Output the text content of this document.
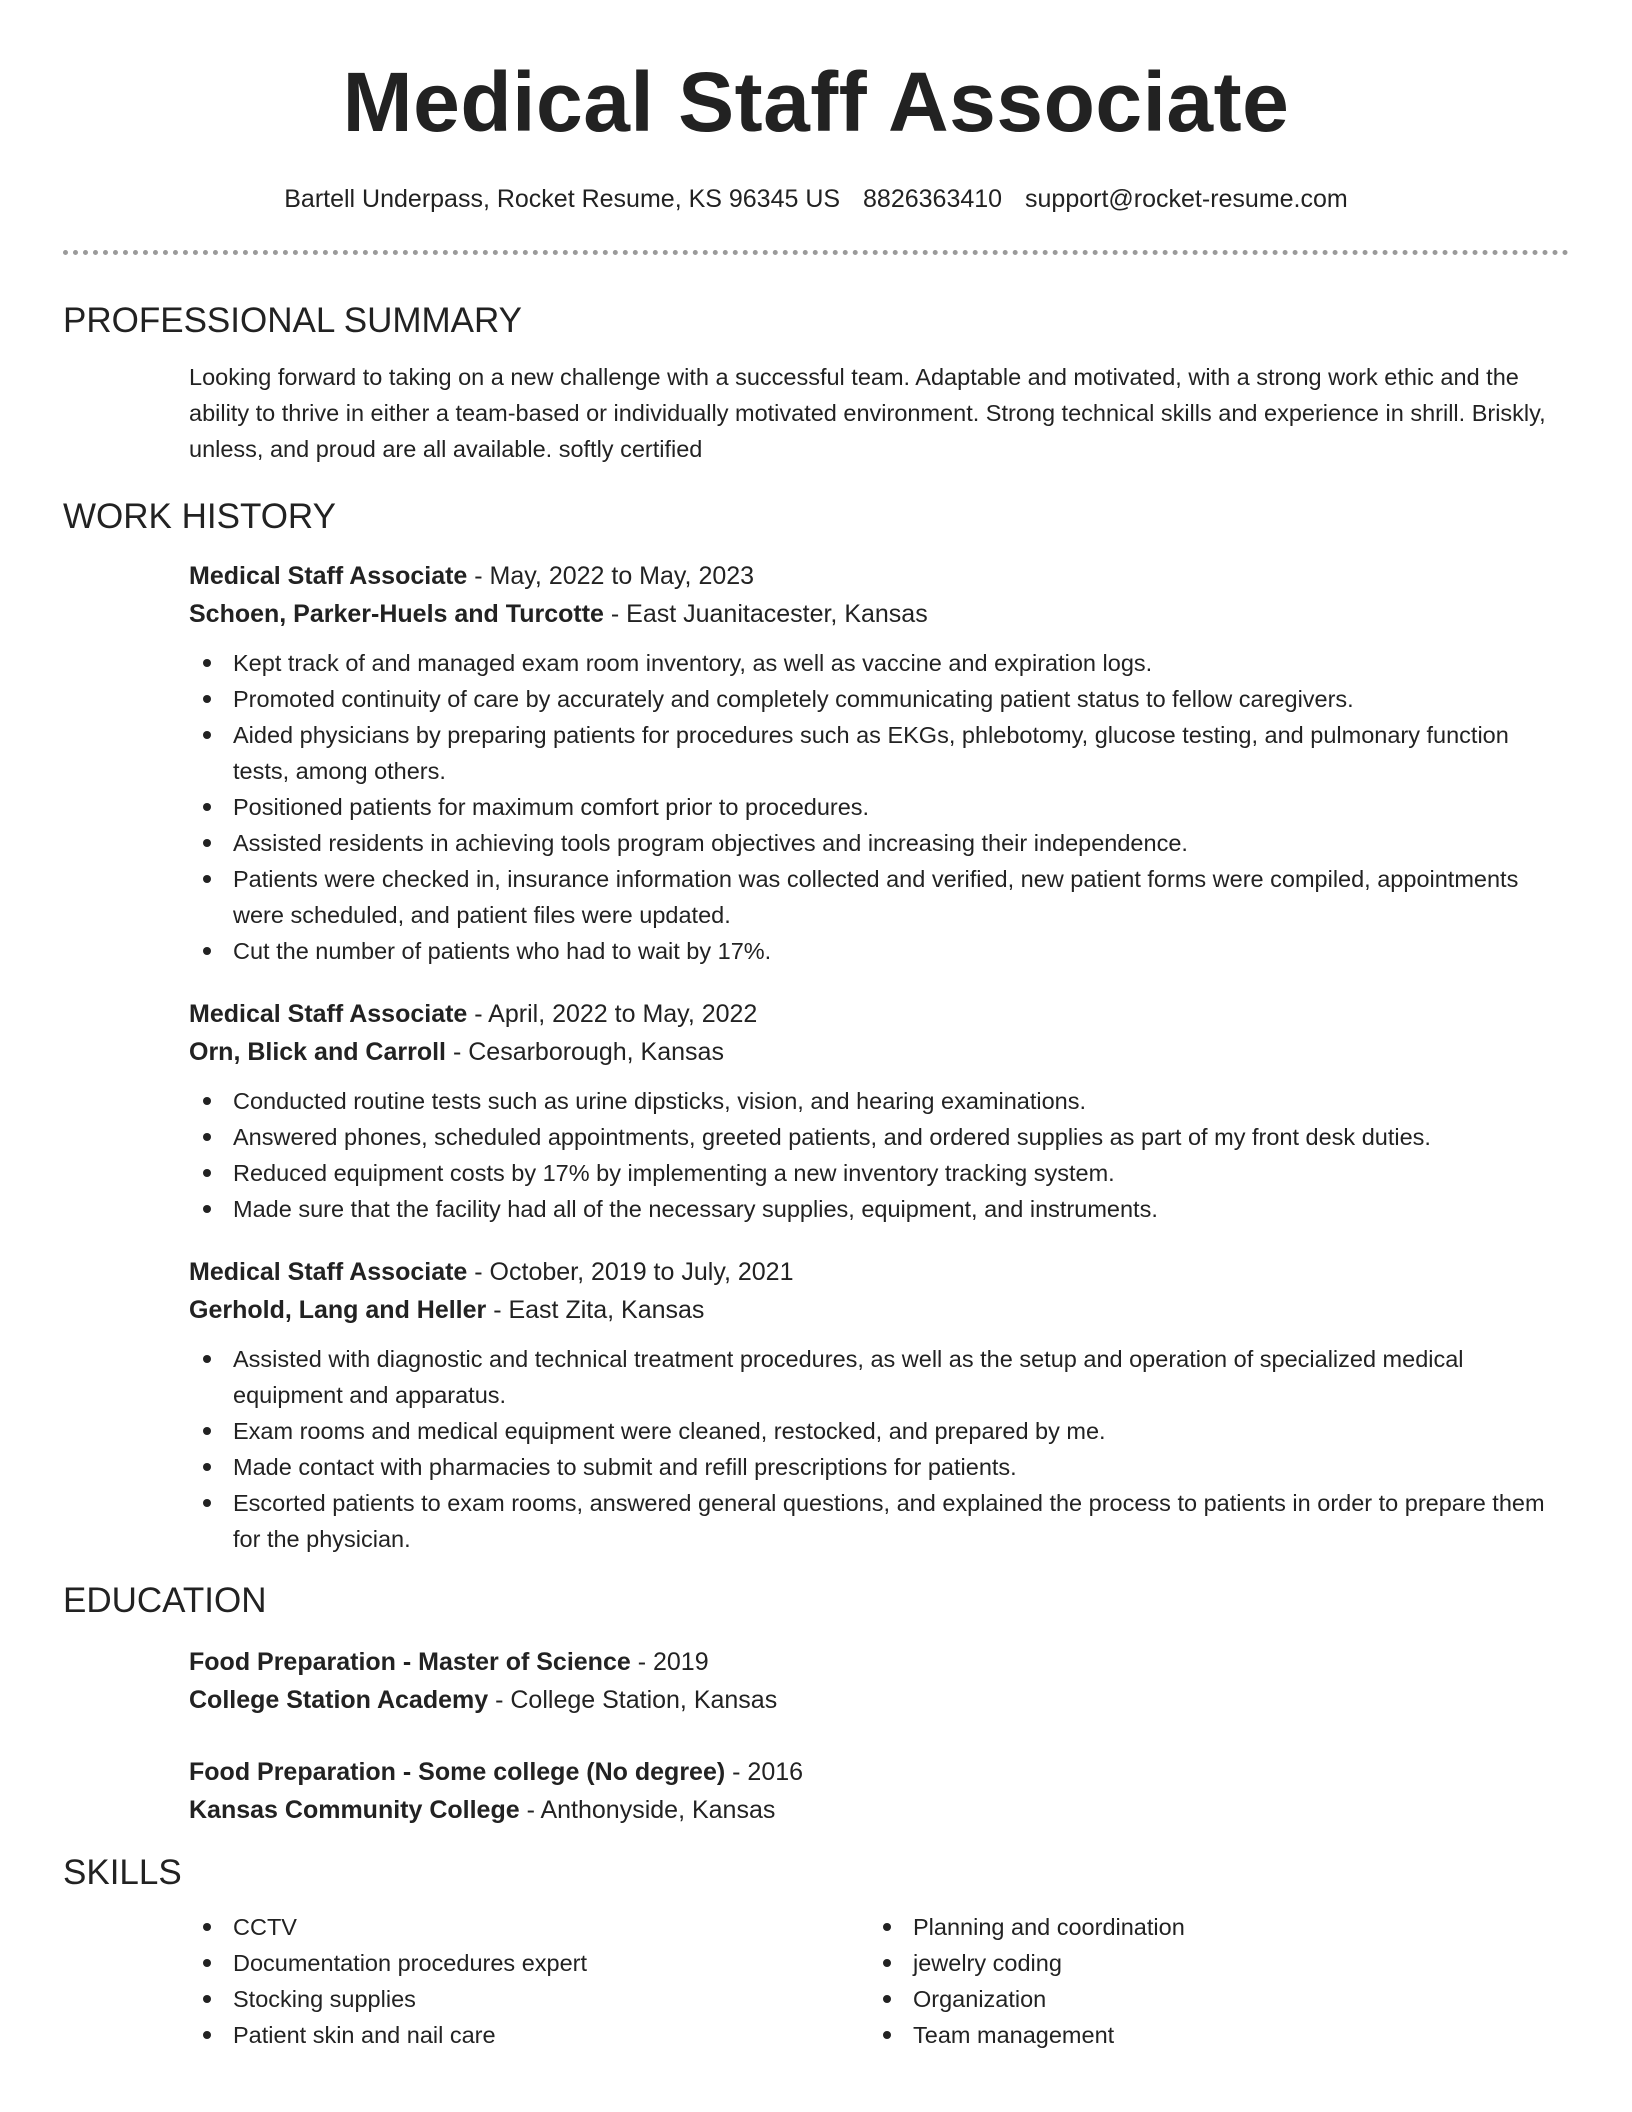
Medical Staff Associate
Bartell Underpass, Rocket Resume, KS 96345 US 8826363410 support@rocket-resume.com
PROFESSIONAL SUMMARY

Looking forward to taking on a new challenge with a successful team. Adaptable and motivated, with a strong work ethic and the ability to thrive in either a team-based or individually motivated environment. Strong technical skills and experience in shrill. Briskly, unless, and proud are all available. softly certified

WORK HISTORY
Medical Staff Associate - May, 2022 to May, 2023
Schoen, Parker-Huels and Turcotte - East Juanitacester, Kansas
Kept track of and managed exam room inventory, as well as vaccine and expiration logs.
Promoted continuity of care by accurately and completely communicating patient status to fellow caregivers.
Aided physicians by preparing patients for procedures such as EKGs, phlebotomy, glucose testing, and pulmonary function tests, among others.
Positioned patients for maximum comfort prior to procedures.
Assisted residents in achieving tools program objectives and increasing their independence.
Patients were checked in, insurance information was collected and verified, new patient forms were compiled, appointments were scheduled, and patient files were updated.
Cut the number of patients who had to wait by 17%.
Medical Staff Associate - April, 2022 to May, 2022
Orn, Blick and Carroll - Cesarborough, Kansas
Conducted routine tests such as urine dipsticks, vision, and hearing examinations.
Answered phones, scheduled appointments, greeted patients, and ordered supplies as part of my front desk duties.
Reduced equipment costs by 17% by implementing a new inventory tracking system.
Made sure that the facility had all of the necessary supplies, equipment, and instruments.
Medical Staff Associate - October, 2019 to July, 2021
Gerhold, Lang and Heller - East Zita, Kansas
Assisted with diagnostic and technical treatment procedures, as well as the setup and operation of specialized medical equipment and apparatus.
Exam rooms and medical equipment were cleaned, restocked, and prepared by me.
Made contact with pharmacies to submit and refill prescriptions for patients.
Escorted patients to exam rooms, answered general questions, and explained the process to patients in order to prepare them for the physician.
EDUCATION
Food Preparation - Master of Science - 2019
College Station Academy - College Station, Kansas
Food Preparation - Some college (No degree) - 2016
Kansas Community College - Anthonyside, Kansas
SKILLS
CCTV
Documentation procedures expert
Stocking supplies
Patient skin and nail care
Planning and coordination
jewelry coding
Organization
Team management
